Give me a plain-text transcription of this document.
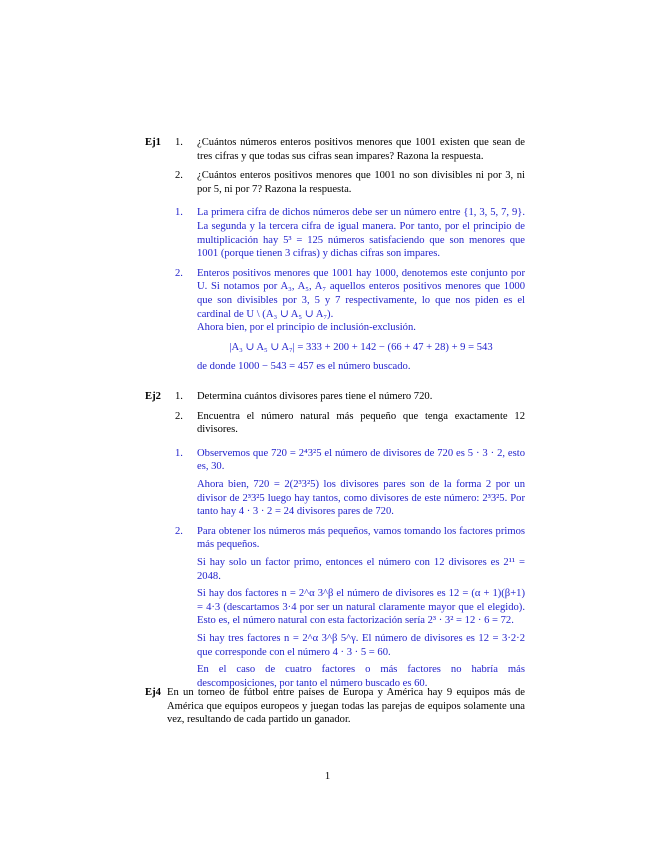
Ej1 1.	¿Cuántos números enteros positivos menores que 1001 existen que sean de tres cifras y que todas sus cifras sean impares? Razona la respuesta.
2.	¿Cuántos enteros positivos menores que 1001 no son divisibles ni por 3, ni por 5, ni por 7? Razona la respuesta.
1.	La primera cifra de dichos números debe ser un número entre {1, 3, 5, 7, 9}. La segunda y la tercera cifra de igual manera. Por tanto, por el principio de multiplicación hay 5³ = 125 números satisfaciendo que son menores que 1001 (porque tienen 3 cifras) y dichas cifras son impares.
2.	Enteros positivos menores que 1001 hay 1000, denotemos este conjunto por U. Si notamos por A₃, A₅, A₇ aquellos enteros positivos menores que 1000 que son divisibles por 3, 5 y 7 respectivamente, lo que nos piden es el cardinal de U \ (A₃ ∪ A₅ ∪ A₇).

Ahora bien, por el principio de inclusión-exclusión.

|A₃ ∪ A₅ ∪ A₇| = 333 + 200 + 142 − (66 + 47 + 28) + 9 = 543

de donde 1000 − 543 = 457 es el número buscado.

Ej2 1.	Determina cuántos divisores pares tiene el número 720.
2.	Encuentra el número natural más pequeño que tenga exactamente 12 divisores.
1.	Observemos que 720 = 2⁴3²5 el número de divisores de 720 es 5 · 3 · 2, esto es, 30.

Ahora bien, 720 = 2(2³3²5) los divisores pares son de la forma 2 por un divisor de 2³3²5 luego hay tantos, como divisores de este número: 2³3²5. Por tanto hay 4 · 3 · 2 = 24 divisores pares de 720.

2.	Para obtener los números más pequeños, vamos tomando los factores primos más pequeños.

Si hay solo un factor primo, entonces el número con 12 divisores es 2¹¹ = 2048.

Si hay dos factores n = 2^α 3^β el número de divisores es 12 = (α + 1)(β+1) = 4·3 (descartamos 3·4 por ser un natural claramente mayor que el elegido). Esto es, el número natural con esta factorización sería 2³ · 3² = 12 · 6 = 72.

Si hay tres factores n = 2^α 3^β 5^γ. El número de divisores es 12 = 3·2·2 que corresponde con el número 4 · 3 · 5 = 60.

En el caso de cuatro factores o más factores no habría más descomposiciones, por tanto el número buscado es 60.

Ej4 En un torneo de fútbol entre países de Europa y América hay 9 equipos más de América que equipos europeos y juegan todas las parejas de equipos solamente una vez, resultando de cada partido un ganador.

1
